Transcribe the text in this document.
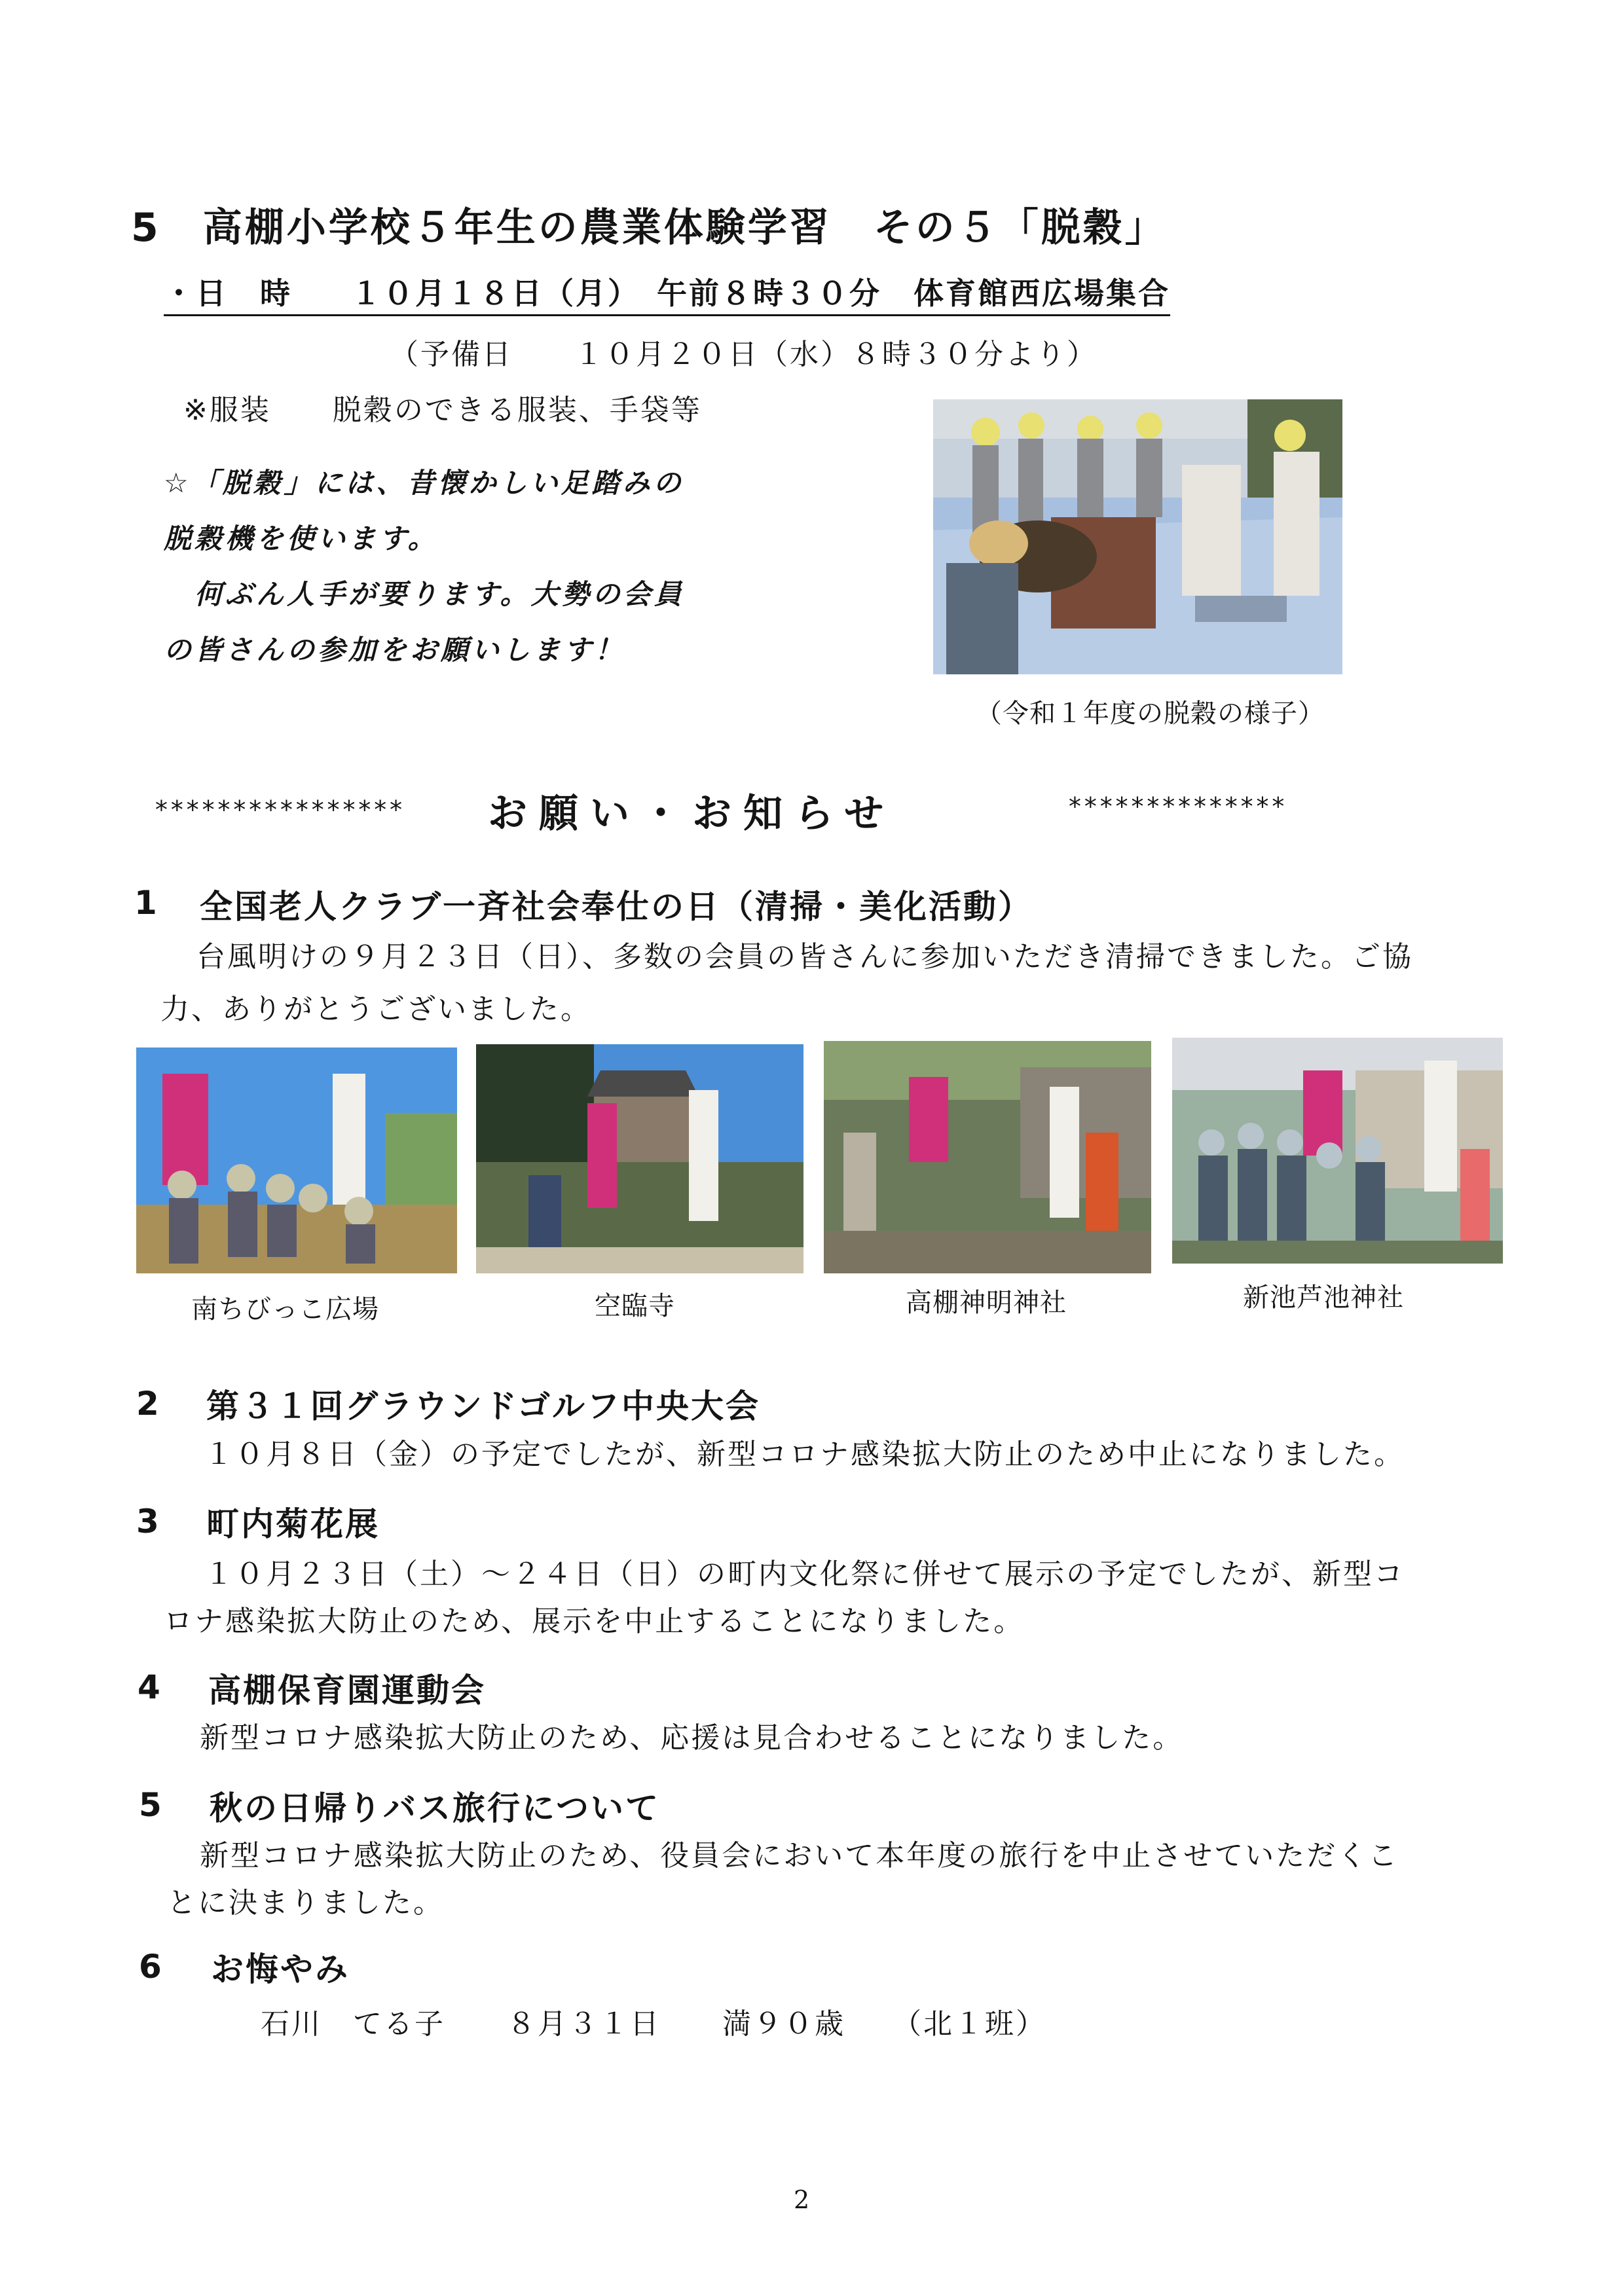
5　高棚小学校５年生の農業体験学習　その５「脱穀」
・日　時 １０月１８日（月）　午前８時３０分　体育館西広場集合
（予備日　　１０月２０日（水）８時３０分より）
※服装　　脱穀のできる服装、手袋等
☆「脱穀」には、昔懐かしい足踏みの
脱穀機を使います。
　何ぶん人手が要ります。大勢の会員
の皆さんの参加をお願いします！
（令和１年度の脱穀の様子）
**************** お願い・お知らせ	**************
1 全国老人クラブ一斉社会奉仕の日（清掃・美化活動）
台風明けの９月２３日（日）、多数の会員の皆さんに参加いただき清掃できました。ご協
力、ありがとうございました。
南ちびっこ広場	空臨寺	高棚神明神社	新池芦池神社
2 第３１回グラウンドゴルフ中央大会
１０月８日（金）の予定でしたが、新型コロナ感染拡大防止のため中止になりました。
3 町内菊花展
１０月２３日（土）～２４日（日）の町内文化祭に併せて展示の予定でしたが、新型コ
ロナ感染拡大防止のため、展示を中止することになりました。
4 高棚保育園運動会
新型コロナ感染拡大防止のため、応援は見合わせることになりました。
5 秋の日帰りバス旅行について
新型コロナ感染拡大防止のため、役員会において本年度の旅行を中止させていただくこ
とに決まりました。
6 お悔やみ
石川　てる子　　８月３１日　　満９０歳　　（北１班）
2
